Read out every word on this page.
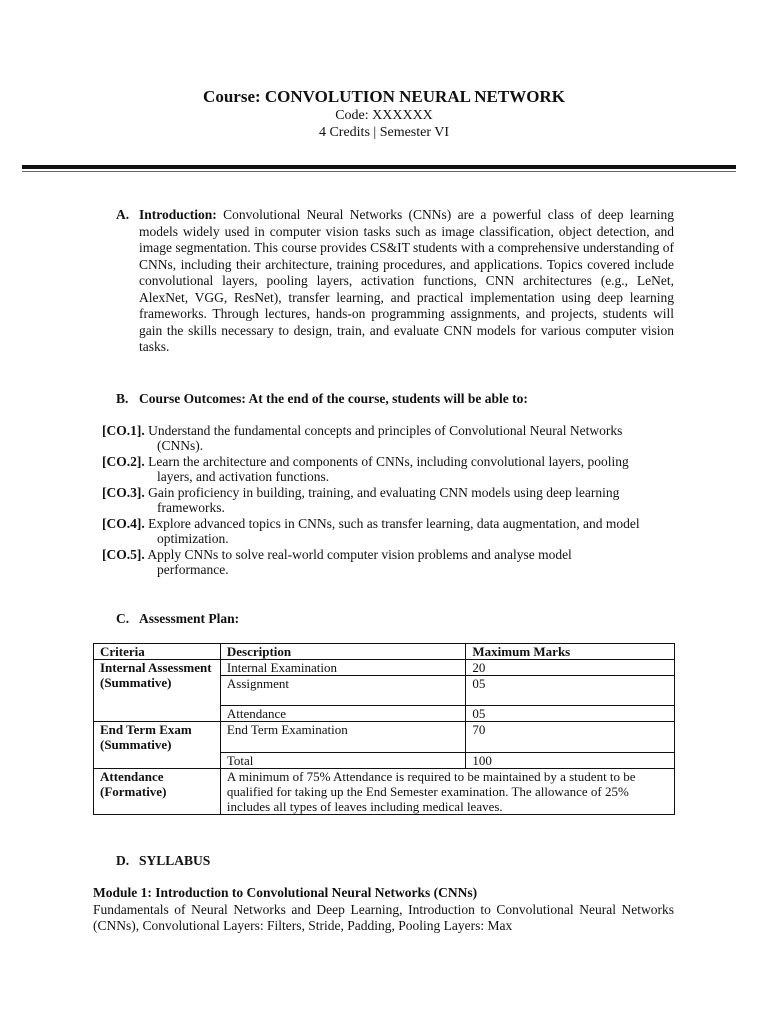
Course: CONVOLUTION NEURAL NETWORK
Code: XXXXXX
4 Credits | Semester VI
A. Introduction: Convolutional Neural Networks (CNNs) are a powerful class of deep learning models widely used in computer vision tasks such as image classification, object detection, and image segmentation. This course provides CS&IT students with a comprehensive understanding of CNNs, including their architecture, training procedures, and applications. Topics covered include convolutional layers, pooling layers, activation functions, CNN architectures (e.g., LeNet, AlexNet, VGG, ResNet), transfer learning, and practical implementation using deep learning frameworks. Through lectures, hands-on programming assignments, and projects, students will gain the skills necessary to design, train, and evaluate CNN models for various computer vision tasks.
B. Course Outcomes: At the end of the course, students will be able to:
[CO.1]. Understand the fundamental concepts and principles of Convolutional Neural Networks
(CNNs).
[CO.2]. Learn the architecture and components of CNNs, including convolutional layers, pooling
layers, and activation functions.
[CO.3]. Gain proficiency in building, training, and evaluating CNN models using deep learning
frameworks.
[CO.4]. Explore advanced topics in CNNs, such as transfer learning, data augmentation, and model
optimization.
[CO.5]. Apply CNNs to solve real-world computer vision problems and analyse model
performance.
C. Assessment Plan:
Criteria	Description	Maximum Marks
Internal Assessment (Summative)	Internal Examination	20
	Assignment	05
	Attendance	05
End Term Exam (Summative)	End Term Examination	70
	Total	100
Attendance (Formative)	A minimum of 75% Attendance is required to be maintained by a student to be qualified for taking up the End Semester examination. The allowance of 25% includes all types of leaves including medical leaves.	
D. SYLLABUS
Module 1: Introduction to Convolutional Neural Networks (CNNs)
Fundamentals of Neural Networks and Deep Learning, Introduction to Convolutional Neural Networks (CNNs), Convolutional Layers: Filters, Stride, Padding, Pooling Layers: Max
